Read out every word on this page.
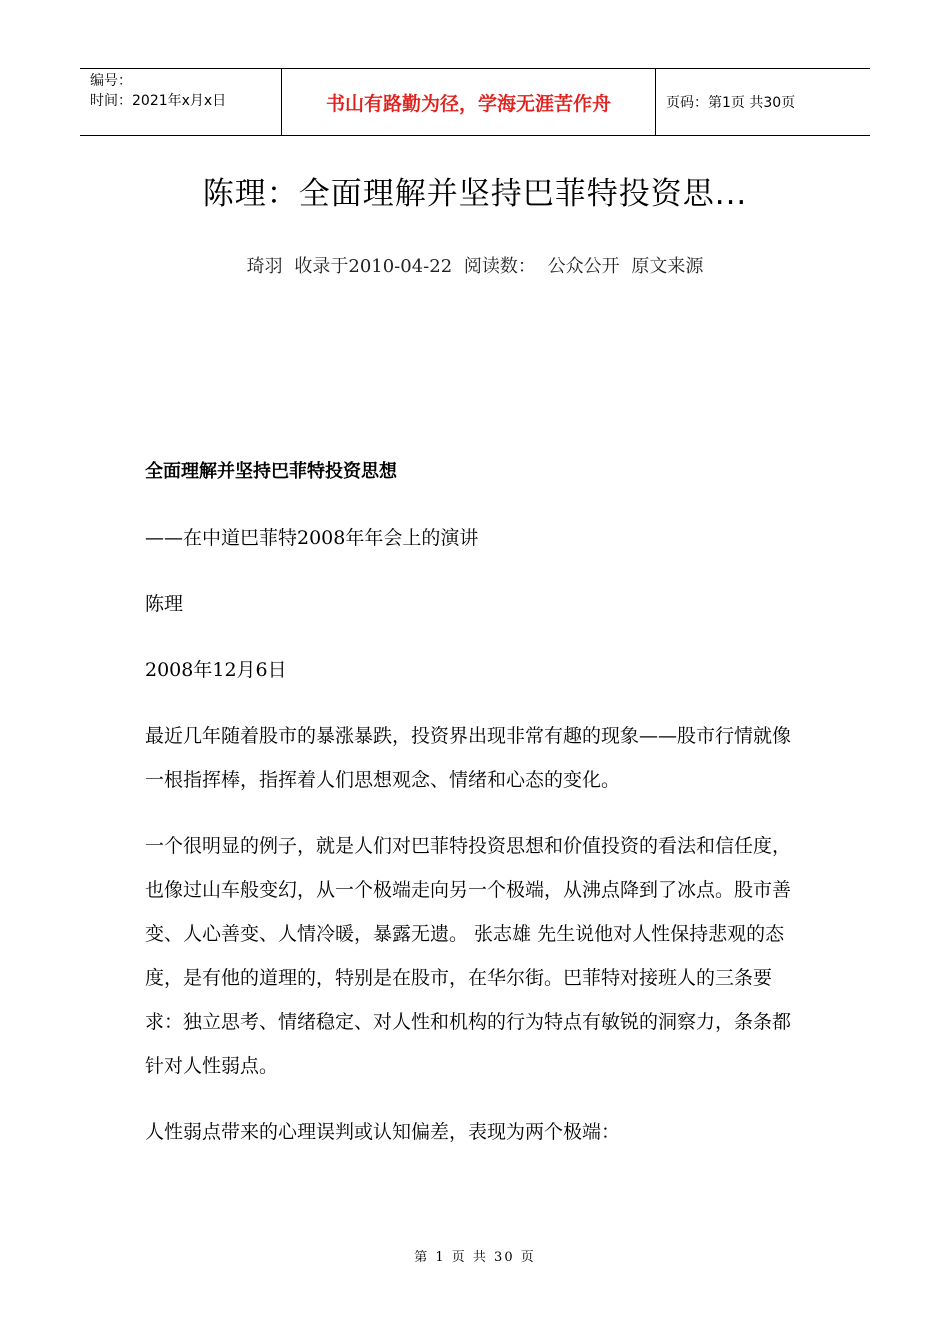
编号：
时间：2021年x月x日	书山有路勤为径，学海无涯苦作舟	页码：第1页 共30页
陈理：全面理解并坚持巴菲特投资思...
琦羽 收录于2010-04-22 阅读数： 公众公开 原文来源

全面理解并坚持巴菲特投资思想

——在中道巴菲特2008年年会上的演讲

陈理

2008年12月6日

最近几年随着股市的暴涨暴跌，投资界出现非常有趣的现象——股市行情就像一根指挥棒，指挥着人们思想观念、情绪和心态的变化。

一个很明显的例子，就是人们对巴菲特投资思想和价值投资的看法和信任度，也像过山车般变幻，从一个极端走向另一个极端，从沸点降到了冰点。股市善变、人心善变、人情冷暖，暴露无遗。 张志雄 先生说他对人性保持悲观的态度，是有他的道理的，特别是在股市，在华尔街。巴菲特对接班人的三条要求：独立思考、情绪稳定、对人性和机构的行为特点有敏锐的洞察力，条条都针对人性弱点。

人性弱点带来的心理误判或认知偏差，表现为两个极端：

第 1 页 共 30 页
